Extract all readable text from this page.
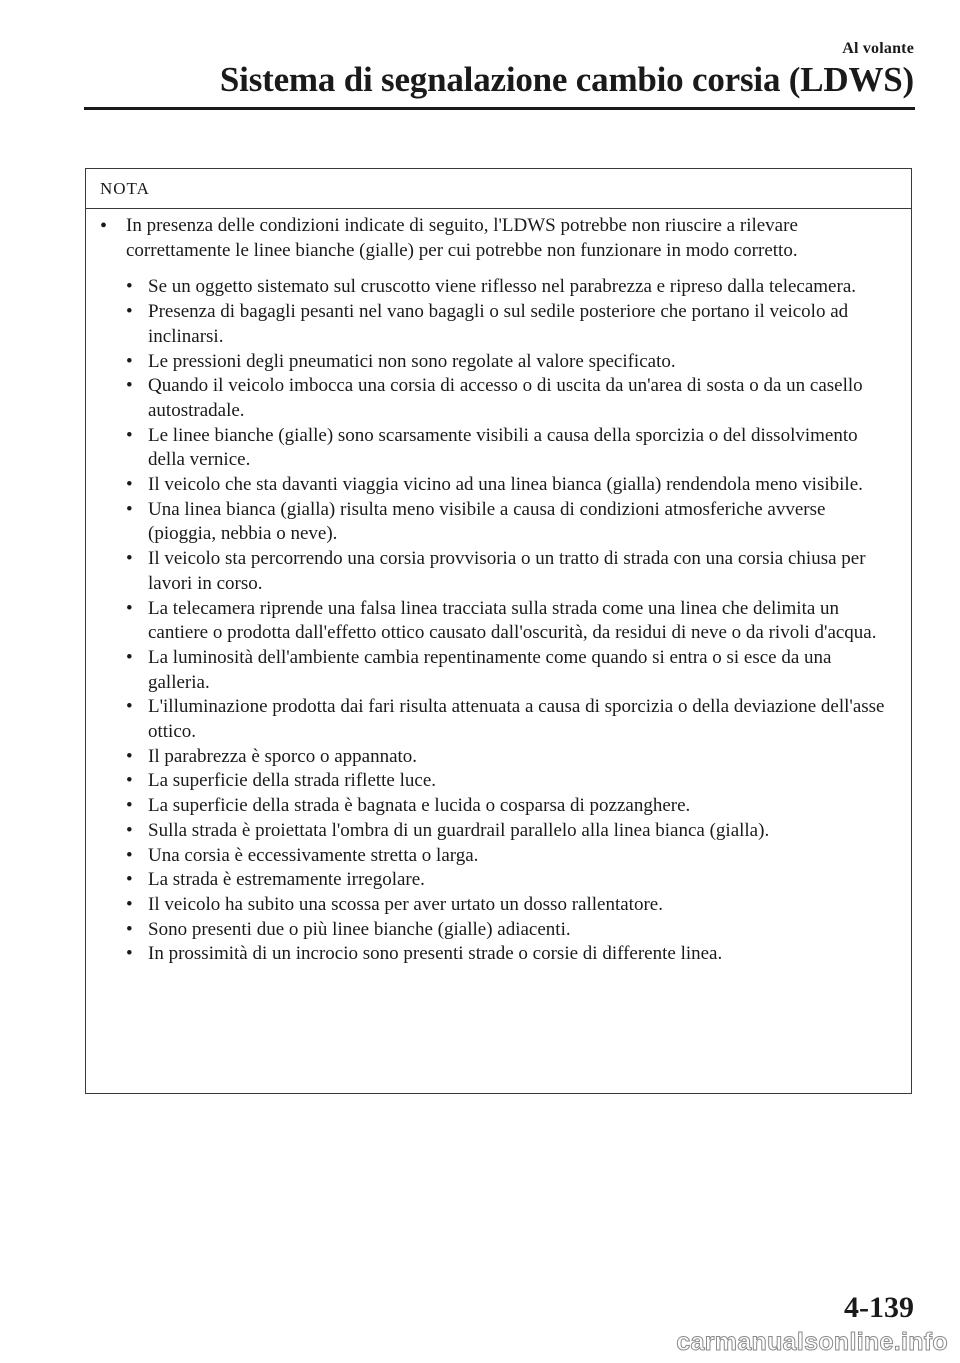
Al volante
Sistema di segnalazione cambio corsia (LDWS)
NOTA

• In presenza delle condizioni indicate di seguito, l'LDWS potrebbe non riuscire a rilevare correttamente le linee bianche (gialle) per cui potrebbe non funzionare in modo corretto.

• Se un oggetto sistemato sul cruscotto viene riflesso nel parabrezza e ripreso dalla telecamera.
• Presenza di bagagli pesanti nel vano bagagli o sul sedile posteriore che portano il veicolo ad inclinarsi.
• Le pressioni degli pneumatici non sono regolate al valore specificato.
• Quando il veicolo imbocca una corsia di accesso o di uscita da un'area di sosta o da un casello autostradale.
• Le linee bianche (gialle) sono scarsamente visibili a causa della sporcizia o del dissolvimento della vernice.
• Il veicolo che sta davanti viaggia vicino ad una linea bianca (gialla) rendendola meno visibile.
• Una linea bianca (gialla) risulta meno visibile a causa di condizioni atmosferiche avverse (pioggia, nebbia o neve).
• Il veicolo sta percorrendo una corsia provvisoria o un tratto di strada con una corsia chiusa per lavori in corso.
• La telecamera riprende una falsa linea tracciata sulla strada come una linea che delimita un cantiere o prodotta dall'effetto ottico causato dall'oscurità, da residui di neve o da rivoli d'acqua.
• La luminosità dell'ambiente cambia repentinamente come quando si entra o si esce da una galleria.
• L'illuminazione prodotta dai fari risulta attenuata a causa di sporcizia o della deviazione dell'asse ottico.
• Il parabrezza è sporco o appannato.
• La superficie della strada riflette luce.
• La superficie della strada è bagnata e lucida o cosparsa di pozzanghere.
• Sulla strada è proiettata l'ombra di un guardrail parallelo alla linea bianca (gialla).
• Una corsia è eccessivamente stretta o larga.
• La strada è estremamente irregolare.
• Il veicolo ha subito una scossa per aver urtato un dosso rallentatore.
• Sono presenti due o più linee bianche (gialle) adiacenti.
• In prossimità di un incrocio sono presenti strade o corsie di differente linea.
4-139
carmanualsonline.info
